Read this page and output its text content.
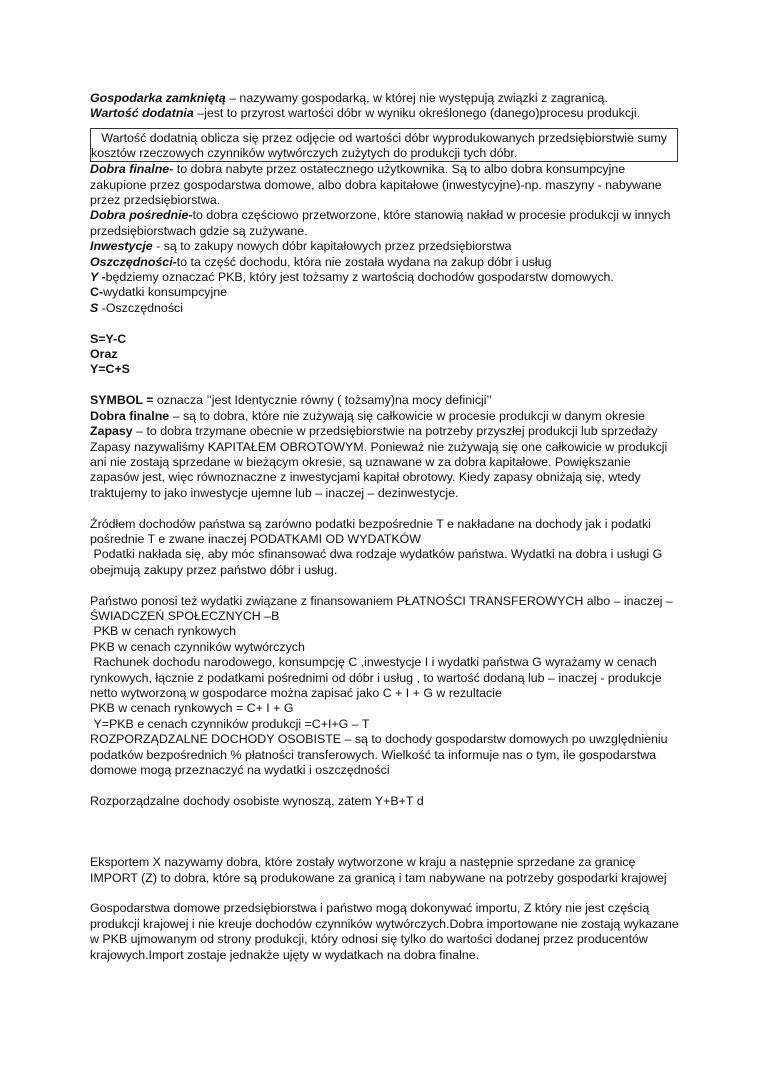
Gospodarka zamkniętą – nazywamy gospodarką, w której nie występują związki z zagranicą.

Wartość dodatnia –jest to przyrost wartości dóbr w wyniku określonego (danego)procesu produkcji.

Wartość dodatnią oblicza się przez odjęcie od wartości dóbr wyprodukowanych przedsiębiorstwie sumy kosztów rzeczowych czynników wytwórczych zużytych do produkcji tych dóbr.

Dobra finalne- to dobra nabyte przez ostatecznego użytkownika. Są to albo dobra konsumpcyjne zakupione przez gospodarstwa domowe, albo dobra kapitałowe (inwestycyjne)-np. maszyny - nabywane przez przedsiębiorstwa.

Dobra pośrednie-to dobra częściowo przetworzone, które stanowią nakład w procesie produkcji w innych przedsiębiorstwach gdzie są zużywane.

Inwestycje - są to zakupy nowych dóbr kapitałowych przez przedsiębiorstwa

Oszczędności-to ta część dochodu, która nie została wydana na zakup dóbr i usług

Y -będziemy oznaczać PKB, który jest tożsamy z wartością dochodów gospodarstw domowych.

C-wydatki konsumpcyjne

S -Oszczędności

S=Y-C

Oraz

Y=C+S

SYMBOL = oznacza ’’jest Identycznie równy ( tożsamy)na mocy definicji’’

Dobra finalne – są to dobra, które nie zużywają się całkowicie w procesie produkcji w danym okresie

Zapasy – to dobra trzymane obecnie w przedsiębiorstwie na potrzeby przyszłej produkcji lub sprzedaży

Zapasy nazywaliśmy KAPITAŁEM OBROTOWYM. Ponieważ nie zużywają się one całkowicie w produkcji ani nie zostają sprzedane w bieżącym okresie, są uznawane w za dobra kapitałowe. Powiększanie zapasów jest, więc równoznaczne z inwestycjami kapitał obrotowy. Kiedy zapasy obniżają się, wtedy traktujemy to jako inwestycje ujemne lub – inaczej – dezinwestycje.

Źródłem dochodów państwa są zarówno podatki bezpośrednie T e nakładane na dochody jak i podatki pośrednie T e zwane inaczej PODATKAMI OD WYDATKÓW

Podatki nakłada się, aby móc sfinansować dwa rodzaje wydatków państwa. Wydatki na dobra i usługi G obejmują zakupy przez państwo dóbr i usług.

Państwo ponosi też wydatki związane z finansowaniem PŁATNOŚCI TRANSFEROWYCH albo – inaczej – ŚWIADCZEŃ SPOŁECZNYCH –B

PKB w cenach rynkowych

PKB w cenach czynników wytwórczych

Rachunek dochodu narodowego, konsumpcję C ,inwestycje I i wydatki państwa G wyrażamy w cenach rynkowych, łącznie z podatkami pośrednimi od dóbr i usług , to wartość dodaną lub – inaczej - produkcje netto wytworzoną w gospodarce można zapisać jako C + I + G w rezultacie

PKB w cenach rynkowych = C+ I + G

Y=PKB e cenach czynników produkcji =C+I+G – T

ROZPORZĄDZALNE DOCHODY OSOBISTE – są to dochody gospodarstw domowych po uwzględnieniu podatków bezpośrednich % płatności transferowych. Wielkość ta informuje nas o tym, ile gospodarstwa domowe mogą przeznaczyć na wydatki i oszczędności

Rozporządzalne dochody osobiste wynoszą, zatem Y+B+T d

Eksportem X nazywamy dobra, które zostały wytworzone w kraju a następnie sprzedane za granicę IMPORT (Z) to dobra, które są produkowane za granicą i tam nabywane na potrzeby gospodarki krajowej

Gospodarstwa domowe przedsiębiorstwa i państwo mogą dokonywać importu, Z który nie jest częścią produkcji krajowej i nie kreuje dochodów czynników wytwórczych.Dobra importowane nie zostają wykazane w PKB ujmowanym od strony produkcji, który odnosi się tylko do wartości dodanej przez producentów krajowych.Import zostaje jednakże ujęty w wydatkach na dobra finalne.
